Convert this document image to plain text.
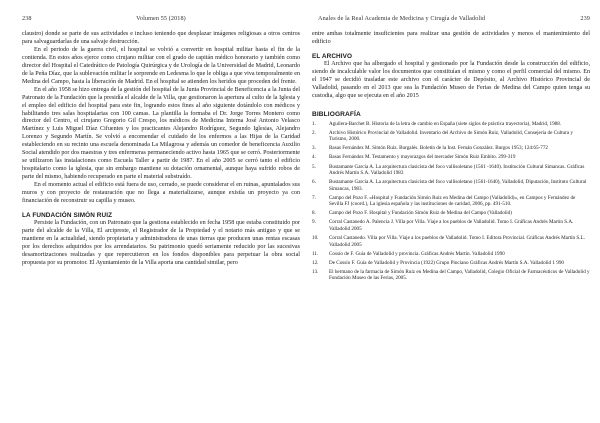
238	Volumen 55 (2018)

claustro) donde se parte de sus actividades e incluso teniendo que desplazar imágenes religiosas a otros centros para salvaguardarlas de una salvaje destrucción.

En el periodo de la guerra civil, el hospital se volvió a convertir en hospital militar hasta el fin de la contienda. En estos años ejerce como cirujano militar con el grado de capitán médico honorario y también como director del Hospital el Catedrático de Patología Quirúrgica y de Urología de la Universidad de Madrid, Leonardo de la Peña Díaz, que la sublevación militar le sorprende en Ledesma lo que le obliga a que viva temporalmente en Medina del Campo, hasta la liberación de Madrid. En el hospital se atienden los heridos que proceden del frente.

En el año 1958 se hizo entrega de la gestión del hospital de la Junta Provincial de Beneficencia a la Junta del Patronato de la Fundación que la presidía el alcalde de la Villa, que gestionaron la apertura al culto de la Iglesia y el empleo del edificio del hospital para este fin, logrando estos fines al año siguiente dotándolo con médicos y habilitando tres salas hospitalarias con 100 camas. La plantilla la formaba el Dr. Jorge Torres Montero como director del Centro, el cirujano Gregorio Gil Crespo, los médicos de Medicina Interna José Antonio Velasco Martínez y Luis Miguel Díaz Cifuentes y los practicantes Alejandro Rodríguez, Segundo Iglesias, Alejandro Lorenzo y Segundo Martín. Se volvió a encomendar el cuidado de los enfermos a las Hijas de la Caridad estableciendo en su recinto una escuela denominada La Milagrosa y además un comedor de beneficencia Auxilio Social atendido por dos maestras y tres enfermeras permaneciendo activo hasta 1965 que se cerró. Posteriormente se utilizaron las instalaciones como Escuela Taller a partir de 1987. En el año 2005 se cerró tanto el edificio hospitalario como la iglesia, que sin embargo mantiene su dotación ornamental, aunque haya sufrido robos de parte del mismo, habiendo recuperado en parte el material substraído.

En el momento actual el edificio está fuera de uso, cerrado, se puede considerar el en ruinas, apuntalados sus muros y con proyecto de restauración que no llega a materializarse, aunque existía un proyecto ya con financiación de reconstruir su capilla y museo.

LA FUNDACIÓN SIMÓN RUIZ

Persiste la Fundación, con un Patronato que la gestiona establecido en fecha 1958 que estaba constituido por parte del alcalde de la Villa, El arcipreste, el Registrador de la Propiedad y el notario más antiguo y que se mantiene en la actualidad, siendo propietaria y administradora de unas tierras que producen unas rentas escasas por los derechos adquiridos por los arrendatarios. Su patrimonio quedó seriamente reducido por las sucesivas desamortizaciones realizadas y que repercutieron en los fondos disponibles para perpetuar la obra social propuesta por su promotor. El Ayuntamiento de la Villa aporta una cantidad similar, pero

Anales de la Real Academia de Medicina y Cirugía de Valladolid	239

entre ambas totalmente insuficientes para realizar una gestión de actividades y menos el mantenimiento del edificio

EL ARCHIVO

El Archivo que ha albergado el hospital y gestionado por la Fundación desde la construcción del edificio, siendo de incalculable valor los documentos que constituían el mismo y como el perfil comercial del mismo. En el 1947 se decidió trasladar este archivo con el carácter de Depósito, al Archivo Histórico Provincial de Valladolid, pasando en el 2013 que sea la Fundación Museo de Ferias de Medina del Campo quien tenga su custodia, algo que se ejecuta en el año 2015

BIBLIOGRAFÍA
1.	Aguilera-Barchet B. Historia de la letra de cambio en España (siete siglos de práctica trayectoria), Madrid, 1988.
2.	Archivo Histórico Provincial de Valladolid. Inventario del Archivo de Simón Ruiz, Valladolid, Consejería de Cultura y Turismo, 2000.
3.	Basas Fernández M. Simón Ruiz. Burgalés. Boletín de la Inst. Fernán González. Burgos 1953; 124:65-772
4.	Basas Fernández M. Testamento y mayorazgos del mercader Simón Ruiz Embito. 299-319
5.	Bustamante García A. La arquitectura clasicista del foco vallisoletano (1561 -1640). Institución Cultural Simancas. Gráficas Andrés Martín S.A. Valladolid 1983
6.	Bustamante García A. La arquitectura clasicista del foco vallisoletano (1561-1640), Valladolid, Diputación, Instituto Cultural Simancas, 1983.
7.	Campo del Pozo F. «Hospital y Fundación Simón Ruiz en Medina del Campo (Valladolid)», en Campos y Fernández de Sevilla FJ (coord.), La iglesia española y las instituciones de caridad, 2006, pp. 491-510.
8.	Campo del Pozo F. Hospital y Fundación Simón Ruiz de Medina del Campo (Valladolid)
9.	Corral Castanedo A. Palencia J. Villa por Villa. Viaje a los pueblos de Valladolid. Tomo I. Gráficas Andrés Martín S.A. Valladolid 2005
10. Corral Castanedo. Villa por Villa. Viaje a los pueblos de Valladolid. Tomo I. Editora Provincial. Gráficas Andrés Martín S.L. Valladolid 2005
11. Cossío de F. Guía de Valladolid y provincia. Gráficas Andrés Martín. Valladolid 1990
12. De Cossío F. Guía de Valladolid y Provincia (1922) Grupo Pinciano Gráficas Andrés Martín S.A. Valladolid 1 990
13. El hermano de la farmacia de Simón Ruiz en Medina del Campo, Valladolid, Colegio Oficial de Farmacéuticos de Valladolid y Fundación Museo de las Ferias, 2005.
